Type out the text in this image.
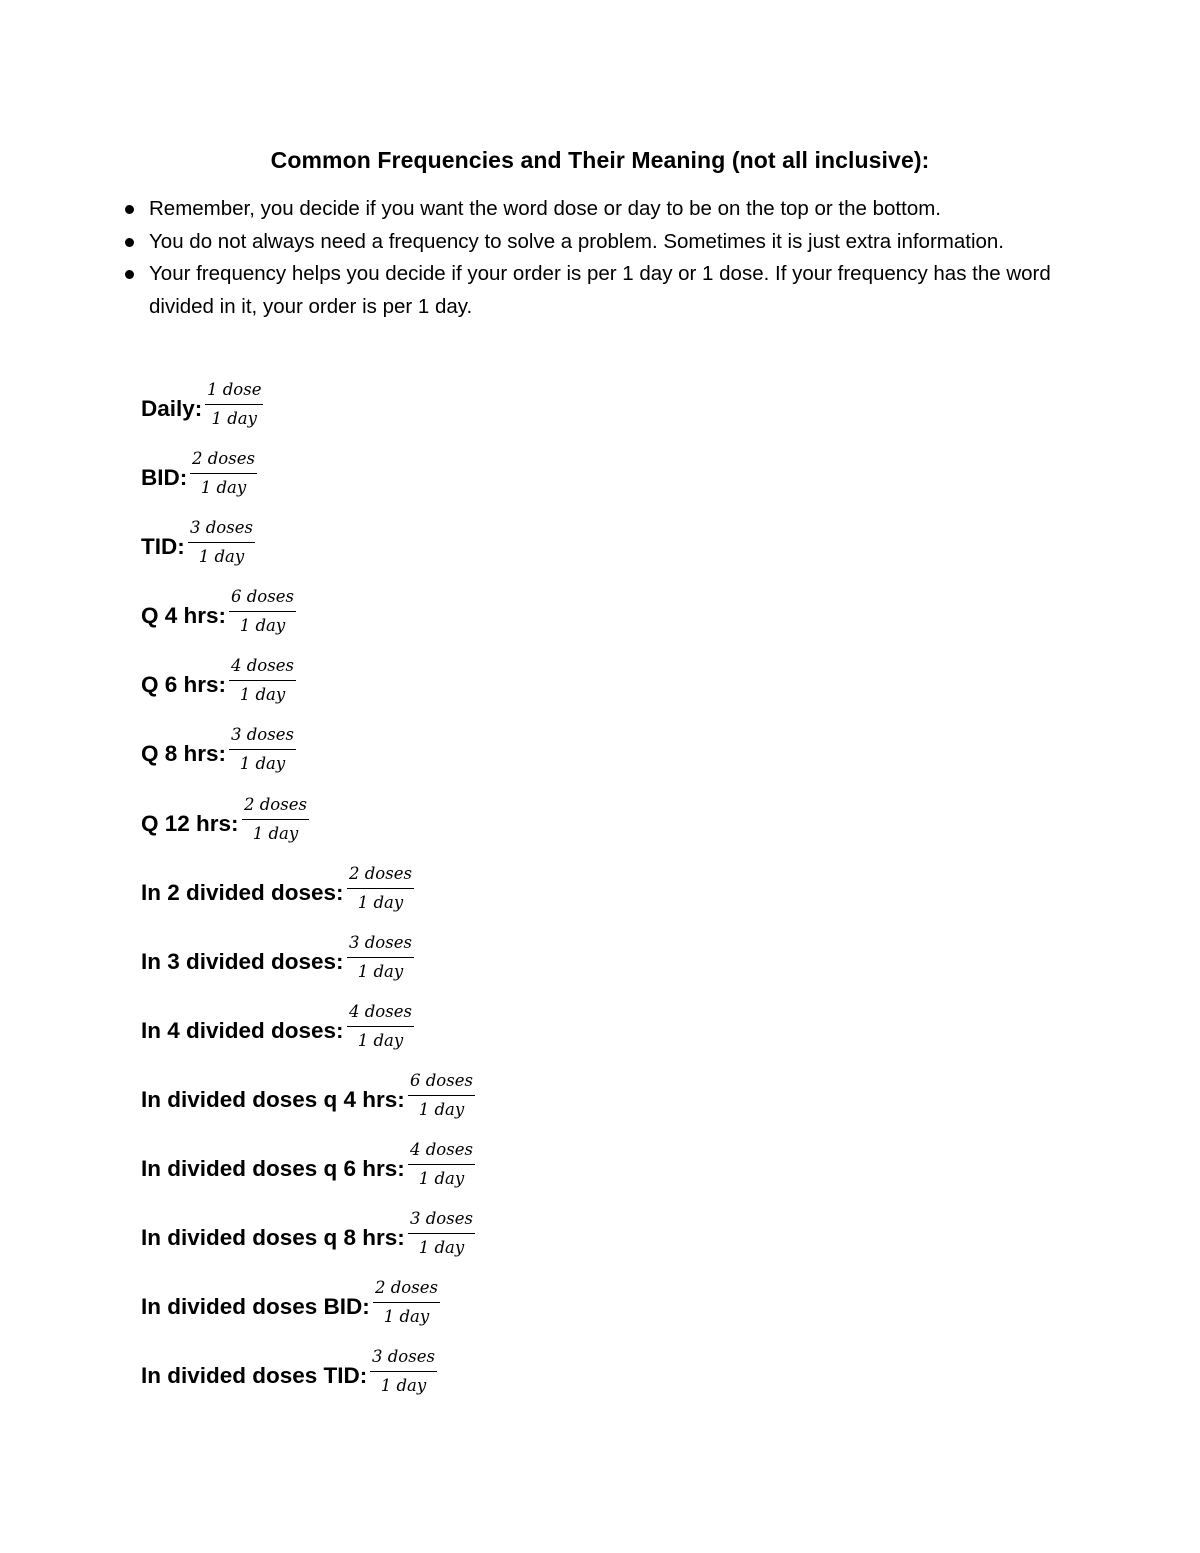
Common Frequencies and Their Meaning (not all inclusive):
Remember, you decide if you want the word dose or day to be on the top or the bottom.
You do not always need a frequency to solve a problem. Sometimes it is just extra information.
Your frequency helps you decide if your order is per 1 day or 1 dose. If your frequency has the word divided in it, your order is per 1 day.
Daily:
1 dose
1 day
BID:
2 doses
1 day
TID:
3 doses
1 day
Q 4 hrs:
6 doses
1 day
Q 6 hrs:
4 doses
1 day
Q 8 hrs:
3 doses
1 day
Q 12 hrs:
2 doses
1 day
In 2 divided doses:
2 doses
1 day
In 3 divided doses:
3 doses
1 day
In 4 divided doses:
4 doses
1 day
In divided doses q 4 hrs:
6 doses
1 day
In divided doses q 6 hrs:
4 doses
1 day
In divided doses q 8 hrs:
3 doses
1 day
In divided doses BID:
2 doses
1 day
In divided doses TID:
3 doses
1 day
